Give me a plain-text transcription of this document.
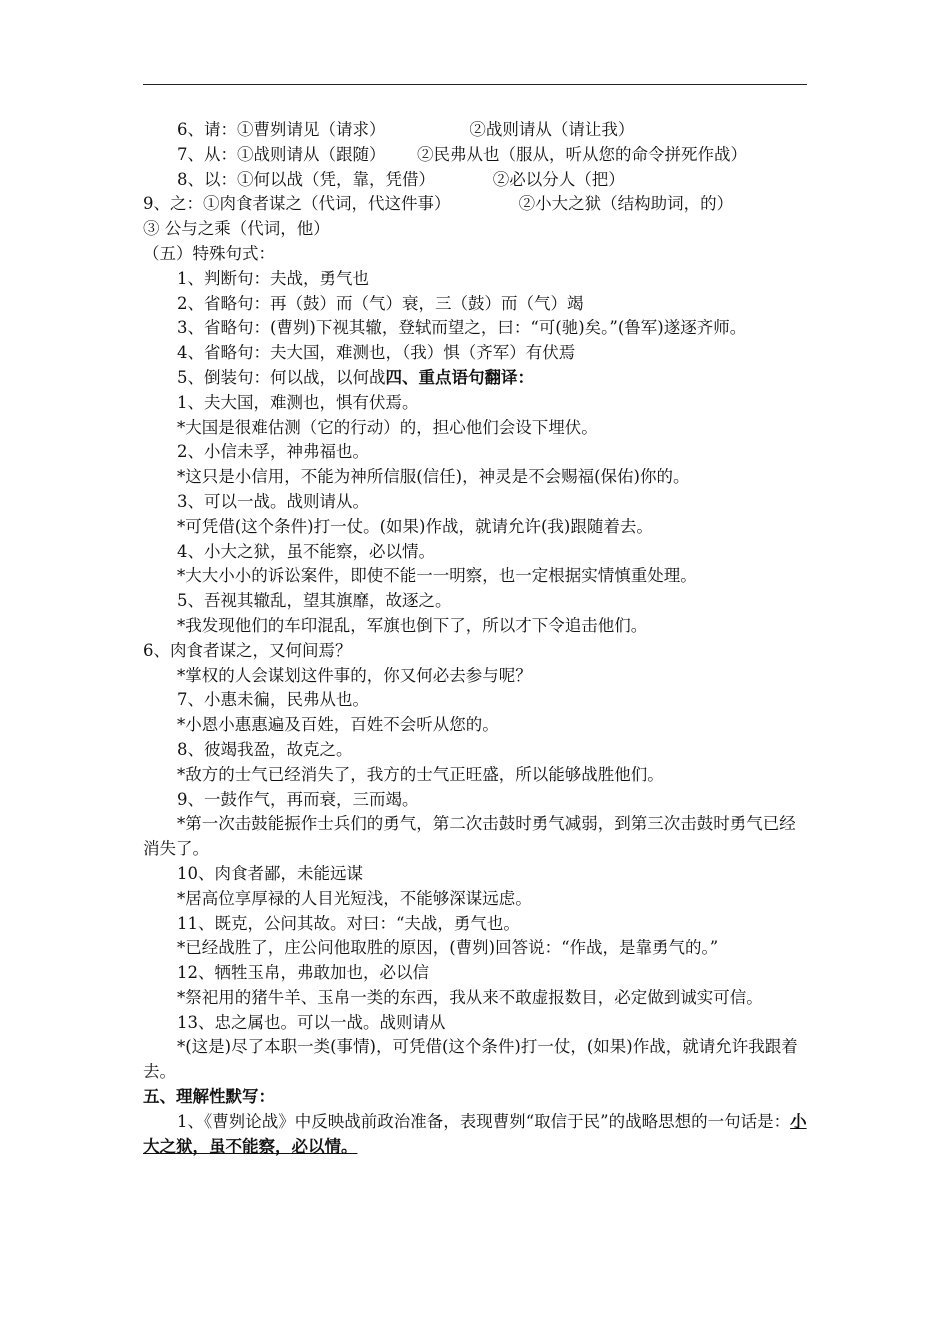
6、请：①曹刿请见（请求）                ②战则请从（请让我）
7、从：①战则请从（跟随）      ②民弗从也（服从，听从您的命令拼死作战）
8、以：①何以战（凭，靠，凭借）           ②必以分人（把）
9、之：①肉食者谋之（代词，代这件事）             ②小大之狱（结构助词，的）
③ 公与之乘（代词，他）
（五）特殊句式：
1、判断句：夫战，勇气也
2、省略句：再（鼓）而（气）衰，三（鼓）而（气）竭
3、省略句：(曹刿)下视其辙，登轼而望之，曰：“可(驰)矣。”(鲁军)遂逐齐师。
4、省略句：夫大国，难测也，（我）惧（齐军）有伏焉
5、倒装句：何以战，以何战四、重点语句翻译：
1、夫大国，难测也，惧有伏焉。
*大国是很难估测（它的行动）的，担心他们会设下埋伏。
2、小信未孚，神弗福也。
*这只是小信用，不能为神所信服(信任)，神灵是不会赐福(保佑)你的。
3、可以一战。战则请从。
*可凭借(这个条件)打一仗。(如果)作战，就请允许(我)跟随着去。
4、小大之狱，虽不能察，必以情。
*大大小小的诉讼案件，即使不能一一明察，也一定根据实情慎重处理。
5、吾视其辙乱，望其旗靡，故逐之。
*我发现他们的车印混乱，军旗也倒下了，所以才下令追击他们。
6、肉食者谋之，又何间焉？
*掌权的人会谋划这件事的，你又何必去参与呢？
7、小惠未徧，民弗从也。
*小恩小惠惠遍及百姓，百姓不会听从您的。
8、彼竭我盈，故克之。
*敌方的士气已经消失了，我方的士气正旺盛，所以能够战胜他们。
9、一鼓作气，再而衰，三而竭。
*第一次击鼓能振作士兵们的勇气，第二次击鼓时勇气减弱，到第三次击鼓时勇气已经消失了。
10、肉食者鄙，未能远谋
*居高位享厚禄的人目光短浅，不能够深谋远虑。
11、既克，公问其故。对曰：“夫战，勇气也。
*已经战胜了，庄公问他取胜的原因，(曹刿)回答说：“作战，是靠勇气的。”
12、牺牲玉帛，弗敢加也，必以信
*祭祀用的猪牛羊、玉帛一类的东西，我从来不敢虚报数目，必定做到诚实可信。
13、忠之属也。可以一战。战则请从
*(这是)尽了本职一类(事情)，可凭借(这个条件)打一仗，(如果)作战，就请允许我跟着去。
五、理解性默写：
1、《曹刿论战》中反映战前政治准备，表现曹刿“取信于民”的战略思想的一句话是：小大之狱，虽不能察，必以情。
